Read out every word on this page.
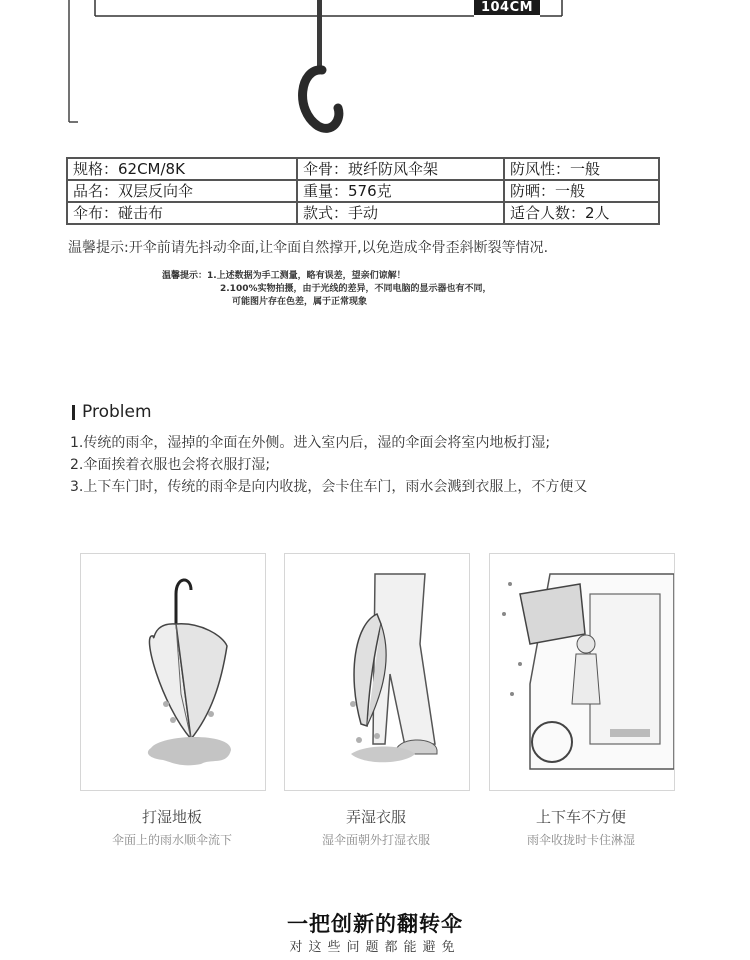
104CM
规格：62CM/8K	伞骨：玻纤防风伞架	防风性：一般
品名：双层反向伞	重量：576克	防晒：一般
伞布：碰击布	款式：手动	适合人数：2人
温馨提示:开伞前请先抖动伞面,让伞面自然撑开,以免造成伞骨歪斜断裂等情况.
温馨提示：1.上述数据为手工测量，略有误差，望亲们谅解！
2.100%实物拍摄，由于光线的差异，不同电脑的显示器也有不同，
可能图片存在色差，属于正常现象
Problem
1.传统的雨伞，湿掉的伞面在外侧。进入室内后，湿的伞面会将室内地板打湿;
2.伞面挨着衣服也会将衣服打湿;
3.上下车门时，传统的雨伞是向内收拢，会卡住车门，雨水会溅到衣服上，不方便又
打湿地板
伞面上的雨水顺伞流下
弄湿衣服
湿伞面朝外打湿衣服
上下车不方便
雨伞收拢时卡住淋湿
一把创新的翻转伞
对这些问题都能避免
